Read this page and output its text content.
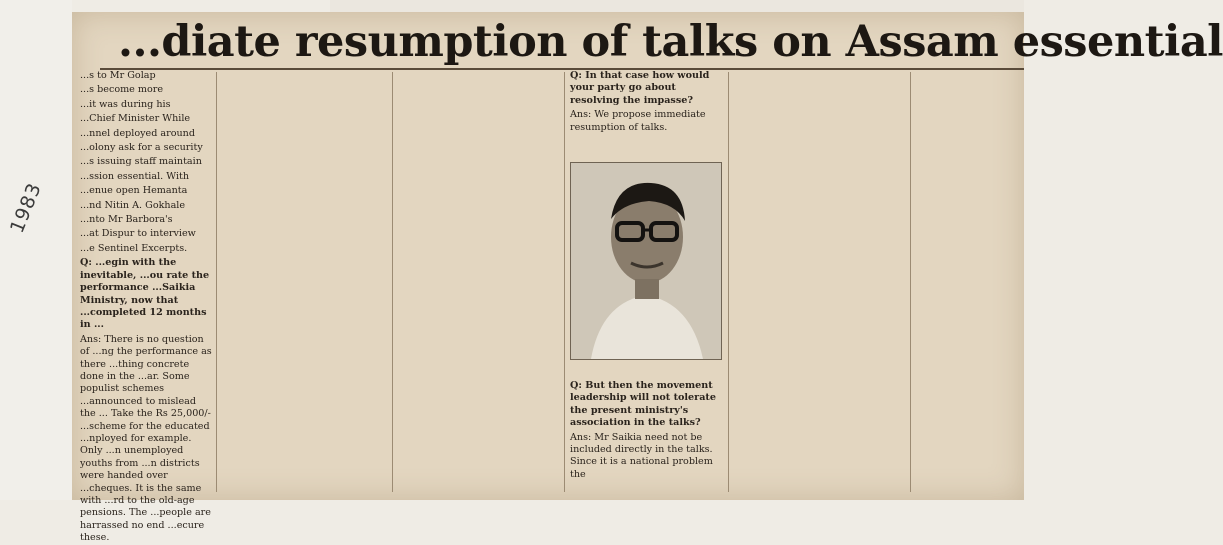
1983
...diate resumption of talks on Assam essential

...s to Mr Golap

...s become more

...it was during his

...Chief Minister While

...nnel deployed around

...olony ask for a security

...s issuing staff maintain

...ssion essential. With

...enue open Hemanta

...nd Nitin A. Gokhale

...nto Mr Barbora's

...at Dispur to interview

...e Sentinel Excerpts.

Q: ...egin with the inevitable, ...ou rate the performance ...Saikia Ministry, now that ...completed 12 months in ...

Ans: There is no question of ...ng the performance as there ...thing concrete done in the ...ar. Some populist schemes ...announced to mislead the ... Take the Rs 25,000/- ...scheme for the educated ...nployed for example. Only ...n unemployed youths from ...n districts were handed over ...cheques. It is the same with ...rd to the old-age pensions. The ...people are harrassed no end ...ecure these.

Q: In that case how would your party go about resolving the impasse?

Ans: We propose immediate resumption of talks.

Q: But then the movement leadership will not tolerate the present ministry's association in the talks?

Ans: Mr Saikia need not be included directly in the talks. Since it is a national problem the
